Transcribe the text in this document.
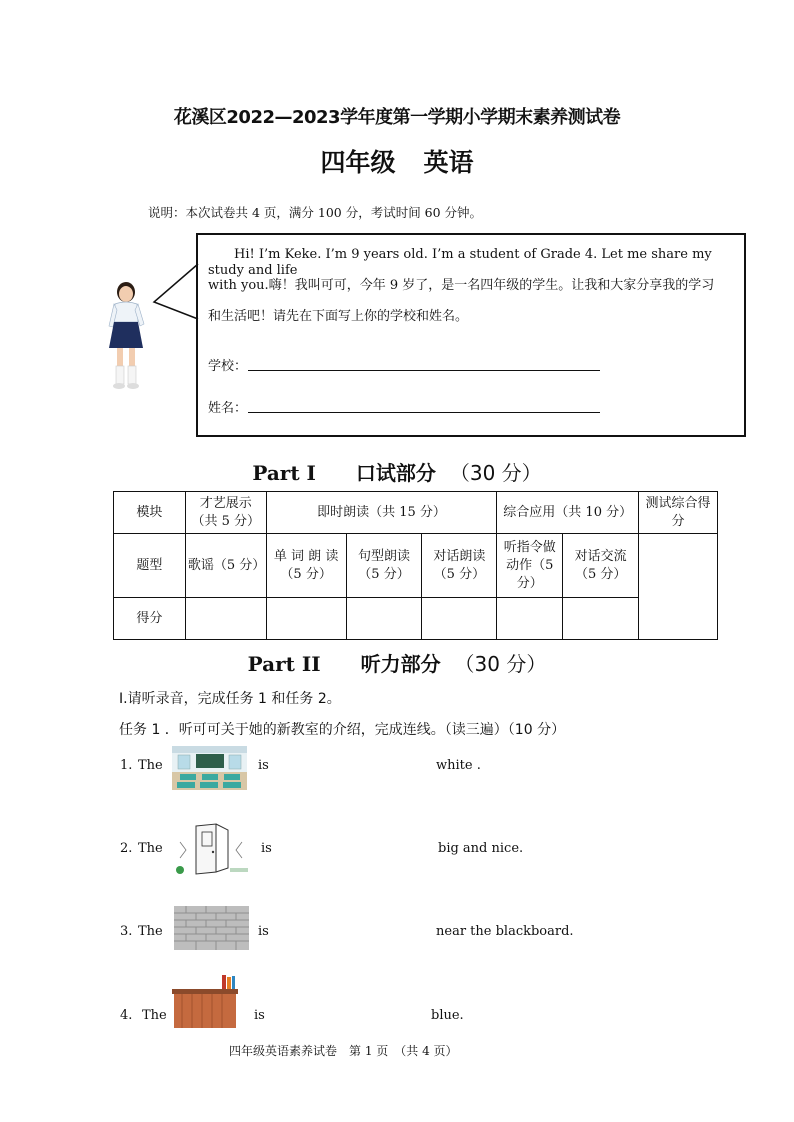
花溪区2022—2023学年度第一学期小学期末素养测试卷
四年级 英语
说明：本次试卷共 4 页，满分 100 分，考试时间 60 分钟。
Hi! I’m Keke. I’m 9 years old. I’m a student of Grade 4. Let me share my study and life
with you.嗨！我叫可可，今年 9 岁了，是一名四年级的学生。让我和大家分享我的学习
和生活吧！请先在下面写上你的学校和姓名。
学校：
姓名：
Part I 口试部分 （30 分）
模块	才艺展示（共 5 分）	即时朗读（共 15 分）			综合应用（共 10 分）		测试综合得分
题型	歌谣（5 分）	单 词 朗 读（5 分）	句型朗读（5 分）	对话朗读（5 分）	听指令做动作（5 分）	对话交流（5 分）	
得分							
Part II 听力部分 （30 分）
Ⅰ.请听录音，完成任务 1 和任务 2。
任务 1 ．听可可关于她的新教室的介绍，完成连线。（读三遍）（10 分）
1. The	is	white .
2. The	is	big and nice.
3. The	is	near the blackboard.
4. The	is	blue.
四年级英语素养试卷　第 1 页　（共 4 页）
